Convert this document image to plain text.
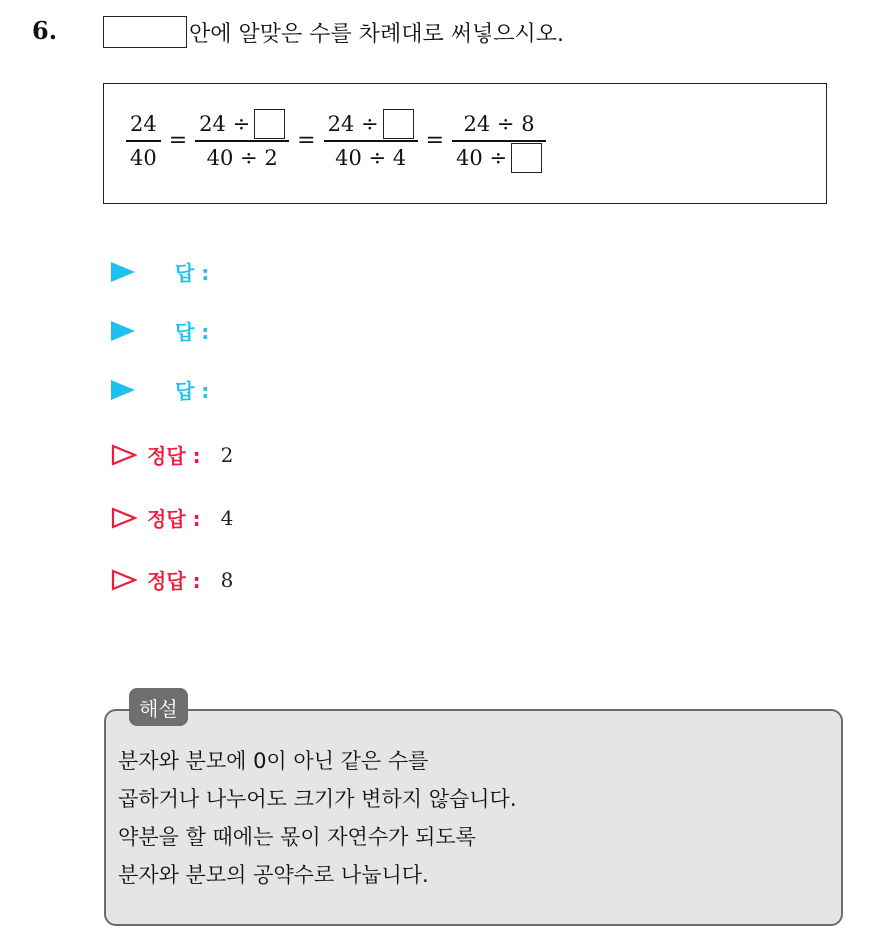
6.	안에 알맞은 수를 차례대로 써넣으시오.
$\frac{24}{40} = \frac{24 \div}{40 \div 2} = \frac{24 \div}{40 \div 4} = \frac{24 \div 8}{40 \div}$
답 :
답 :
답 :
정답 : 2
정답 : 4
정답 : 8
해설
분자와 분모에 0이 아닌 같은 수를
곱하거나 나누어도 크기가 변하지 않습니다.
약분을 할 때에는 몫이 자연수가 되도록
분자와 분모의 공약수로 나눕니다.
